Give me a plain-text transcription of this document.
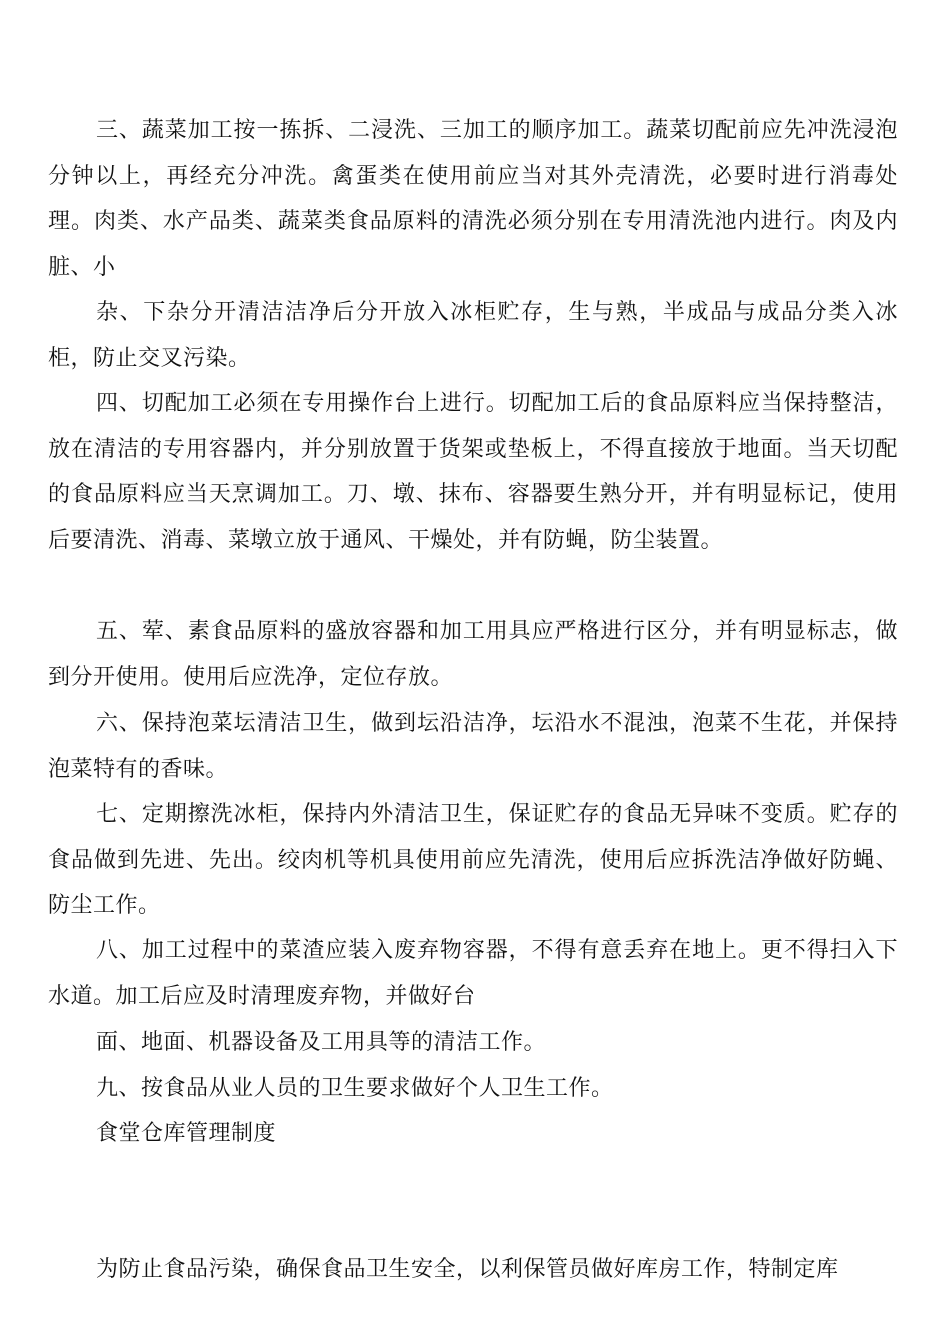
三、蔬菜加工按一拣拆、二浸洗、三加工的顺序加工。蔬菜切配前应先冲洗浸泡 分钟以上，再经充分冲洗。禽蛋类在使用前应当对其外壳清洗，必要时进行消毒处理。肉类、水产品类、蔬菜类食品原料的清洗必须分别在专用清洗池内进行。肉及内脏、小

杂、下杂分开清洁洁净后分开放入冰柜贮存，生与熟，半成品与成品分类入冰柜，防止交叉污染。

四、切配加工必须在专用操作台上进行。切配加工后的食品原料应当保持整洁，放在清洁的专用容器内，并分别放置于货架或垫板上，不得直接放于地面。当天切配的食品原料应当天烹调加工。刀、墩、抹布、容器要生熟分开，并有明显标记，使用后要清洗、消毒、菜墩立放于通风、干燥处，并有防蝇，防尘装置。

五、荤、素食品原料的盛放容器和加工用具应严格进行区分，并有明显标志，做到分开使用。使用后应洗净，定位存放。

六、保持泡菜坛清洁卫生，做到坛沿洁净，坛沿水不混浊，泡菜不生花，并保持泡菜特有的香味。

七、定期擦洗冰柜，保持内外清洁卫生，保证贮存的食品无异味不变质。贮存的食品做到先进、先出。绞肉机等机具使用前应先清洗，使用后应拆洗洁净做好防蝇、防尘工作。

八、加工过程中的菜渣应装入废弃物容器，不得有意丢弃在地上。更不得扫入下水道。加工后应及时清理废弃物，并做好台

面、地面、机器设备及工用具等的清洁工作。

九、按食品从业人员的卫生要求做好个人卫生工作。

食堂仓库管理制度

为防止食品污染，确保食品卫生安全，以利保管员做好库房工作，特制定库
